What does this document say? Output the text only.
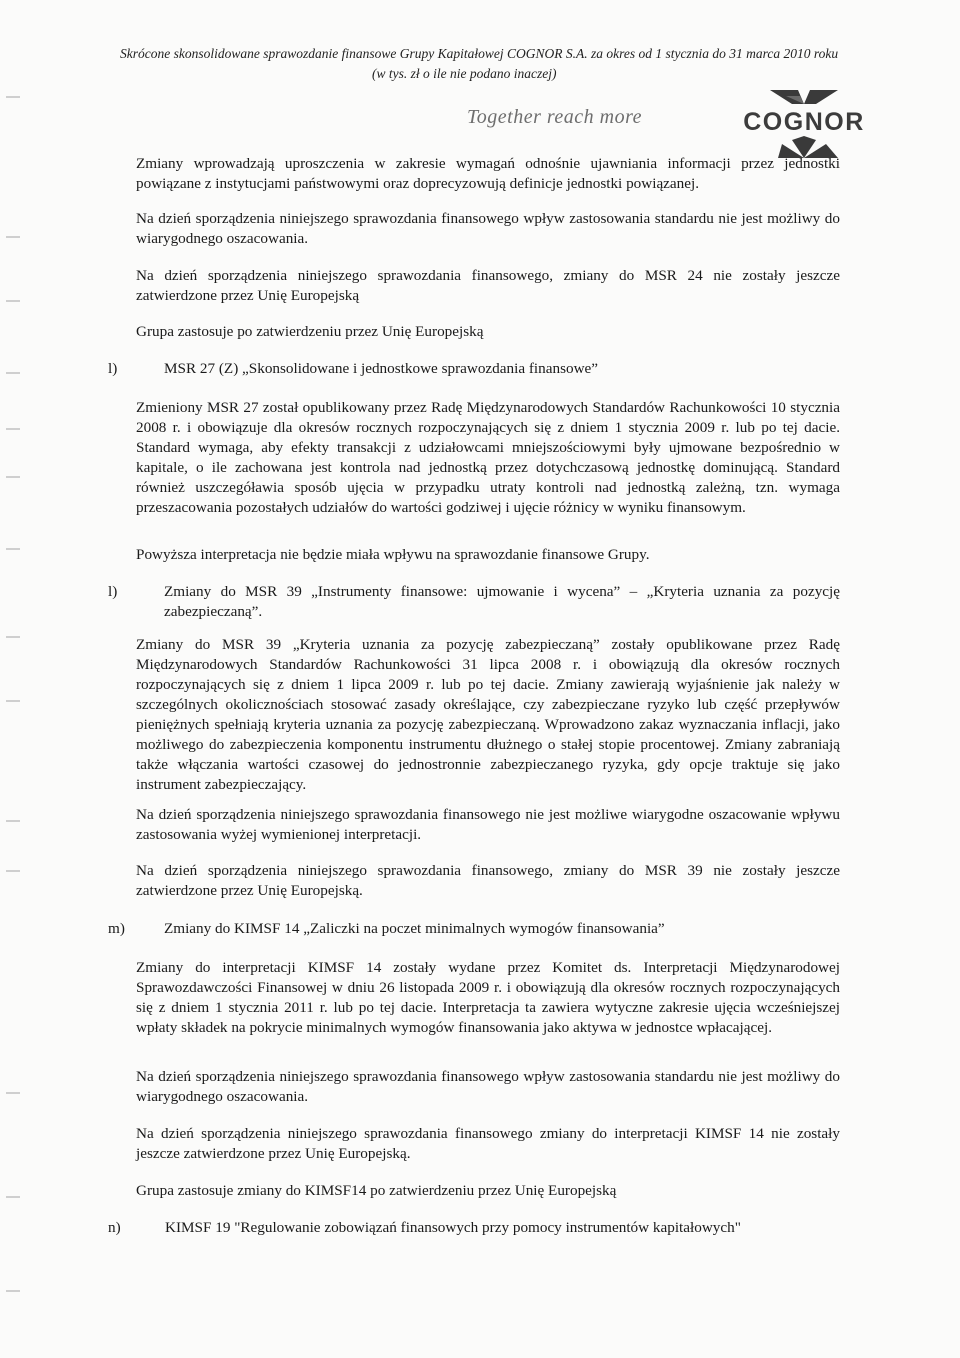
Skrócone skonsolidowane sprawozdanie finansowe Grupy Kapitałowej COGNOR S.A. za okres od 1 stycznia do 31 marca 2010 roku
(w tys. zł o ile nie podano inaczej)
Together reach more	COGNOR

Zmiany wprowadzają uproszczenia w zakresie wymagań odnośnie ujawniania informacji przez jednostki powiązane z instytucjami państwowymi oraz doprecyzowują definicje jednostki powiązanej.

Na dzień sporządzenia niniejszego sprawozdania finansowego wpływ zastosowania standardu nie jest możliwy do wiarygodnego oszacowania.

Na dzień sporządzenia niniejszego sprawozdania finansowego, zmiany do MSR 24 nie zostały jeszcze zatwierdzone przez Unię Europejską

Grupa zastosuje po zatwierdzeniu przez Unię Europejską

l)	MSR 27 (Z) „Skonsolidowane i jednostkowe sprawozdania finansowe”

Zmieniony MSR 27 został opublikowany przez Radę Międzynarodowych Standardów Rachunkowości 10 stycznia 2008 r. i obowiązuje dla okresów rocznych rozpoczynających się z dniem 1 stycznia 2009 r. lub po tej dacie. Standard wymaga, aby efekty transakcji z udziałowcami mniejszościowymi były ujmowane bezpośrednio w kapitale, o ile zachowana jest kontrola nad jednostką przez dotychczasową jednostkę dominującą. Standard również uszczegóławia sposób ujęcia w przypadku utraty kontroli nad jednostką zależną, tzn. wymaga przeszacowania pozostałych udziałów do wartości godziwej i ujęcie różnicy w wyniku finansowym.

Powyższa interpretacja nie będzie miała wpływu na sprawozdanie finansowe Grupy.

l)	Zmiany do MSR 39 „Instrumenty finansowe: ujmowanie i wycena” – „Kryteria uznania za pozycję zabezpieczaną”.

Zmiany do MSR 39 „Kryteria uznania za pozycję zabezpieczaną” zostały opublikowane przez Radę Międzynarodowych Standardów Rachunkowości 31 lipca 2008 r. i obowiązują dla okresów rocznych rozpoczynających się z dniem 1 lipca 2009 r. lub po tej dacie. Zmiany zawierają wyjaśnienie jak należy w szczególnych okolicznościach stosować zasady określające, czy zabezpieczane ryzyko lub część przepływów pieniężnych spełniają kryteria uznania za pozycję zabezpieczaną. Wprowadzono zakaz wyznaczania inflacji, jako możliwego do zabezpieczenia komponentu instrumentu dłużnego o stałej stopie procentowej. Zmiany zabraniają także włączania wartości czasowej do jednostronnie zabezpieczanego ryzyka, gdy opcje traktuje się jako instrument zabezpieczający.

Na dzień sporządzenia niniejszego sprawozdania finansowego nie jest możliwe wiarygodne oszacowanie wpływu zastosowania wyżej wymienionej interpretacji.

Na dzień sporządzenia niniejszego sprawozdania finansowego, zmiany do MSR 39 nie zostały jeszcze zatwierdzone przez Unię Europejską.

m)	Zmiany do KIMSF 14 „Zaliczki na poczet minimalnych wymogów finansowania”

Zmiany do interpretacji KIMSF 14 zostały wydane przez Komitet ds. Interpretacji Międzynarodowej Sprawozdawczości Finansowej w dniu 26 listopada 2009 r. i obowiązują dla okresów rocznych rozpoczynających się z dniem 1 stycznia 2011 r. lub po tej dacie. Interpretacja ta zawiera wytyczne zakresie ujęcia wcześniejszej wpłaty składek na pokrycie minimalnych wymogów finansowania jako aktywa w jednostce wpłacającej.

Na dzień sporządzenia niniejszego sprawozdania finansowego wpływ zastosowania standardu nie jest możliwy do wiarygodnego oszacowania.

Na dzień sporządzenia niniejszego sprawozdania finansowego zmiany do interpretacji KIMSF 14 nie zostały jeszcze zatwierdzone przez Unię Europejską.

Grupa zastosuje zmiany do KIMSF14 po zatwierdzeniu przez Unię Europejską

n)	KIMSF 19 "Regulowanie zobowiązań finansowych przy pomocy instrumentów kapitałowych"
